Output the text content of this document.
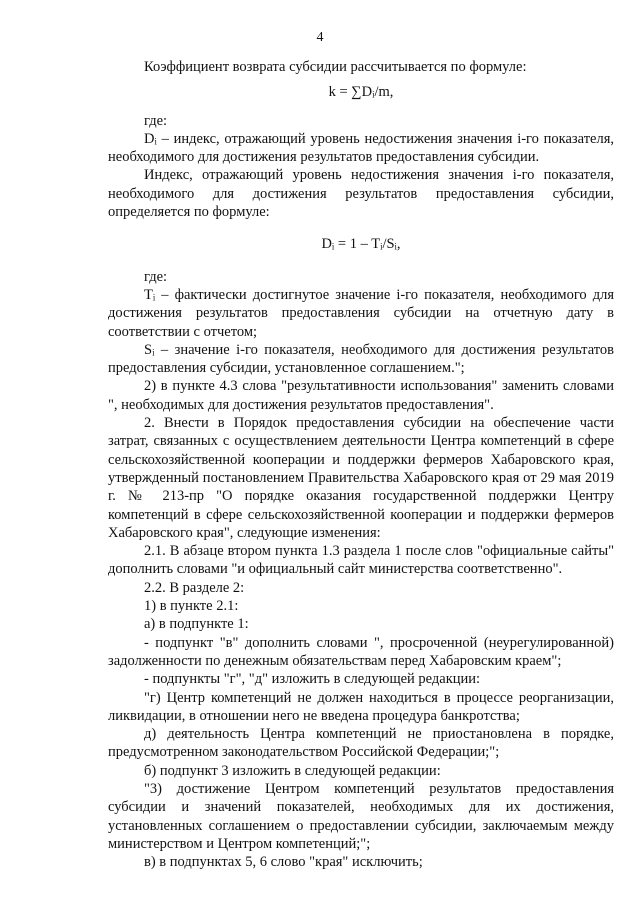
4

Коэффициент возврата субсидии рассчитывается по формуле:

k = ∑Dᵢ/m,

где:

Dᵢ – индекс, отражающий уровень недостижения значения i-го показателя, необходимого для достижения результатов предоставления субсидии.

Индекс, отражающий уровень недостижения значения i-го показателя, необходимого для достижения результатов предоставления субсидии, определяется по формуле:

Dᵢ = 1 – Tᵢ/Sᵢ,

где:

Tᵢ – фактически достигнутое значение i-го показателя, необходимого для достижения результатов предоставления субсидии на отчетную дату в соответствии с отчетом;

Sᵢ – значение i-го показателя, необходимого для достижения результатов предоставления субсидии, установленное соглашением.";

2) в пункте 4.3 слова "результативности использования" заменить словами ", необходимых для достижения результатов предоставления".

2. Внести в Порядок предоставления субсидии на обеспечение части затрат, связанных с осуществлением деятельности Центра компетенций в сфере сельскохозяйственной кооперации и поддержки фермеров Хабаровского края, утвержденный постановлением Правительства Хабаровского края от 29 мая 2019 г. № 213-пр "О порядке оказания государственной поддержки Центру компетенций в сфере сельскохозяйственной кооперации и поддержки фермеров Хабаровского края", следующие изменения:

2.1. В абзаце втором пункта 1.3 раздела 1 после слов "официальные сайты" дополнить словами "и официальный сайт министерства соответственно".

2.2. В разделе 2:

1) в пункте 2.1:

а) в подпункте 1:

- подпункт "в" дополнить словами ", просроченной (неурегулированной) задолженности по денежным обязательствам перед Хабаровским краем";

- подпункты "г", "д" изложить в следующей редакции:

"г) Центр компетенций не должен находиться в процессе реорганизации, ликвидации, в отношении него не введена процедура банкротства;

д) деятельность Центра компетенций не приостановлена в порядке, предусмотренном законодательством Российской Федерации;";

б) подпункт 3 изложить в следующей редакции:

"3) достижение Центром компетенций результатов предоставления субсидии и значений показателей, необходимых для их достижения, установленных соглашением о предоставлении субсидии, заключаемым между министерством и Центром компетенций;";

в) в подпунктах 5, 6 слово "края" исключить;
